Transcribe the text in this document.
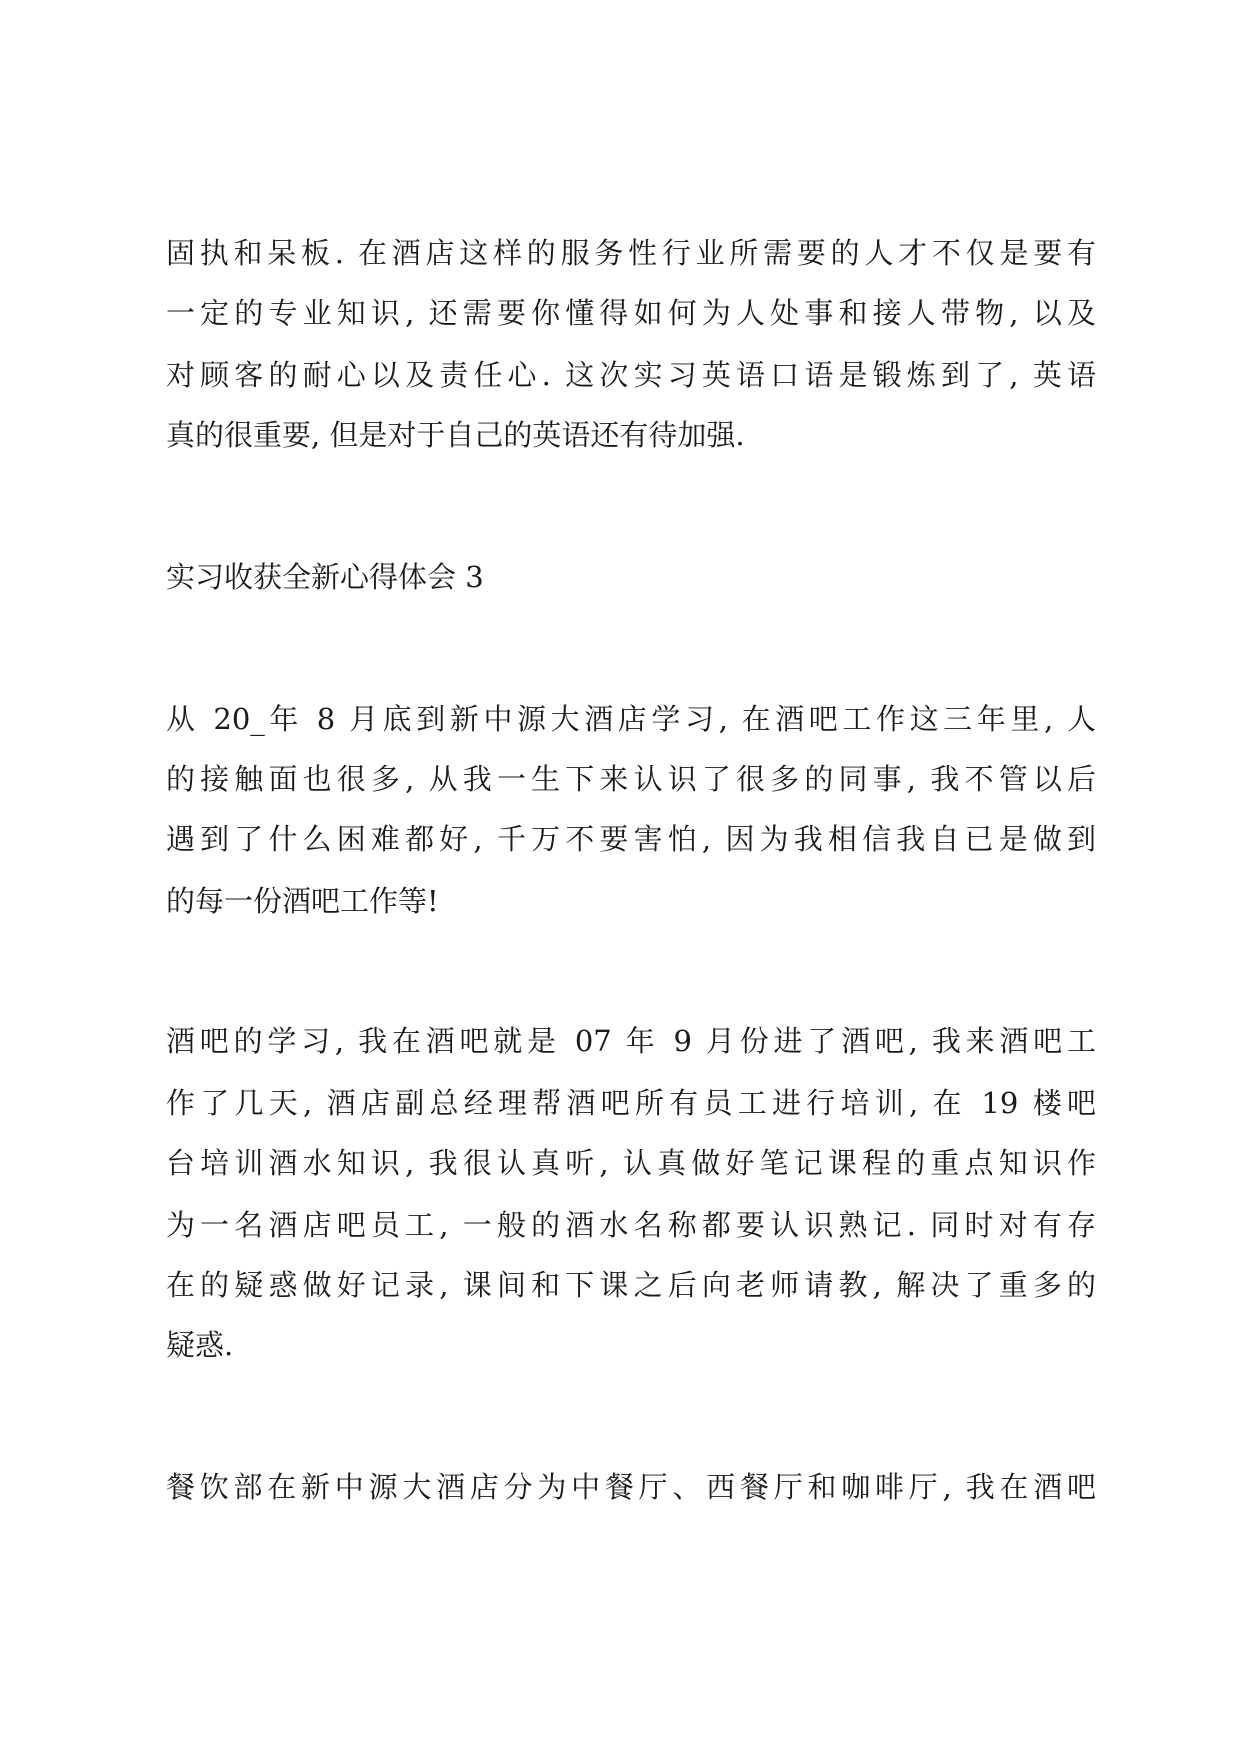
固执和呆板. 在酒店这样的服务性行业所需要的人才不仅是要有
一定的专业知识, 还需要你懂得如何为人处事和接人带物, 以及
对顾客的耐心以及责任心. 这次实习英语口语是锻炼到了, 英语
真的很重要, 但是对于自己的英语还有待加强.
实习收获全新心得体会 3
从 20_年 8 月底到新中源大酒店学习, 在酒吧工作这三年里, 人
的接触面也很多, 从我一生下来认识了很多的同事, 我不管以后
遇到了什么困难都好, 千万不要害怕, 因为我相信我自已是做到
的每一份酒吧工作等!
酒吧的学习, 我在酒吧就是 07 年 9 月份进了酒吧, 我来酒吧工
作了几天, 酒店副总经理帮酒吧所有员工进行培训, 在 19 楼吧
台培训酒水知识, 我很认真听, 认真做好笔记课程的重点知识作
为一名酒店吧员工, 一般的酒水名称都要认识熟记. 同时对有存
在的疑惑做好记录, 课间和下课之后向老师请教, 解决了重多的
疑惑.
餐饮部在新中源大酒店分为中餐厅、西餐厅和咖啡厅, 我在酒吧
